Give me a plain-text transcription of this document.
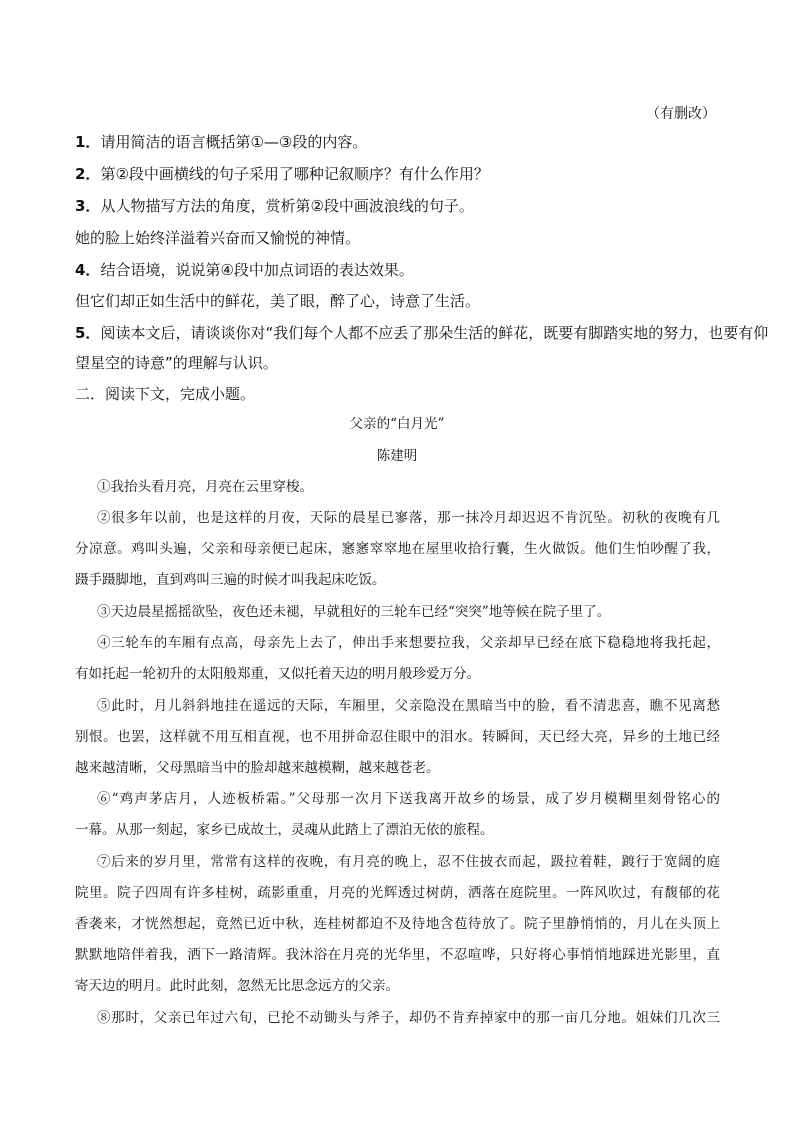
（有删改）
1．请用简洁的语言概括第①—③段的内容。
2．第②段中画横线的句子采用了哪种记叙顺序？有什么作用？
3．从人物描写方法的角度，赏析第②段中画波浪线的句子。
她的脸上始终洋溢着兴奋而又愉悦的神情。
4．结合语境，说说第④段中加点词语的表达效果。
但它们却正如生活中的鲜花，美了眼，醉了心，诗意了生活。
5．阅读本文后，请谈谈你对“我们每个人都不应丢了那朵生活的鲜花，既要有脚踏实地的努力，也要有仰
望星空的诗意”的理解与认识。
二．阅读下文，完成小题。
父亲的“白月光”
陈建明
①我抬头看月亮，月亮在云里穿梭。
②很多年以前，也是这样的月夜，天际的晨星已寥落，那一抹冷月却迟迟不肯沉坠。初秋的夜晚有几
分凉意。鸡叫头遍，父亲和母亲便已起床，窸窸窣窣地在屋里收拾行囊，生火做饭。他们生怕吵醒了我，
蹑手蹑脚地，直到鸡叫三遍的时候才叫我起床吃饭。
③天边晨星摇摇欲坠，夜色还未褪，早就租好的三轮车已经“突突”地等候在院子里了。
④三轮车的车厢有点高，母亲先上去了，伸出手来想要拉我，父亲却早已经在底下稳稳地将我托起，
有如托起一轮初升的太阳般郑重，又似托着天边的明月般珍爱万分。
⑤此时，月儿斜斜地挂在遥远的天际，车厢里，父亲隐没在黑暗当中的脸，看不清悲喜，瞧不见离愁
别恨。也罢，这样就不用互相直视，也不用拼命忍住眼中的泪水。转瞬间，天已经大亮，异乡的土地已经
越来越清晰，父母黑暗当中的脸却越来越模糊，越来越苍老。
⑥“鸡声茅店月，人迹板桥霜。”父母那一次月下送我离开故乡的场景，成了岁月模糊里刻骨铭心的
一幕。从那一刻起，家乡已成故土，灵魂从此踏上了漂泊无依的旅程。
⑦后来的岁月里，常常有这样的夜晚，有月亮的晚上，忍不住披衣而起，趿拉着鞋，踱行于宽阔的庭
院里。院子四周有许多桂树，疏影重重，月亮的光辉透过树荫，洒落在庭院里。一阵风吹过，有馥郁的花
香袭来，才恍然想起，竟然已近中秋，连桂树都迫不及待地含苞待放了。院子里静悄悄的，月儿在头顶上
默默地陪伴着我，洒下一路清辉。我沐浴在月亮的光华里，不忍喧哗，只好将心事悄悄地踩进光影里，直
寄天边的明月。此时此刻，忽然无比思念远方的父亲。
⑧那时，父亲已年过六旬，已抡不动锄头与斧子，却仍不肯弃掉家中的那一亩几分地。姐妹们几次三
